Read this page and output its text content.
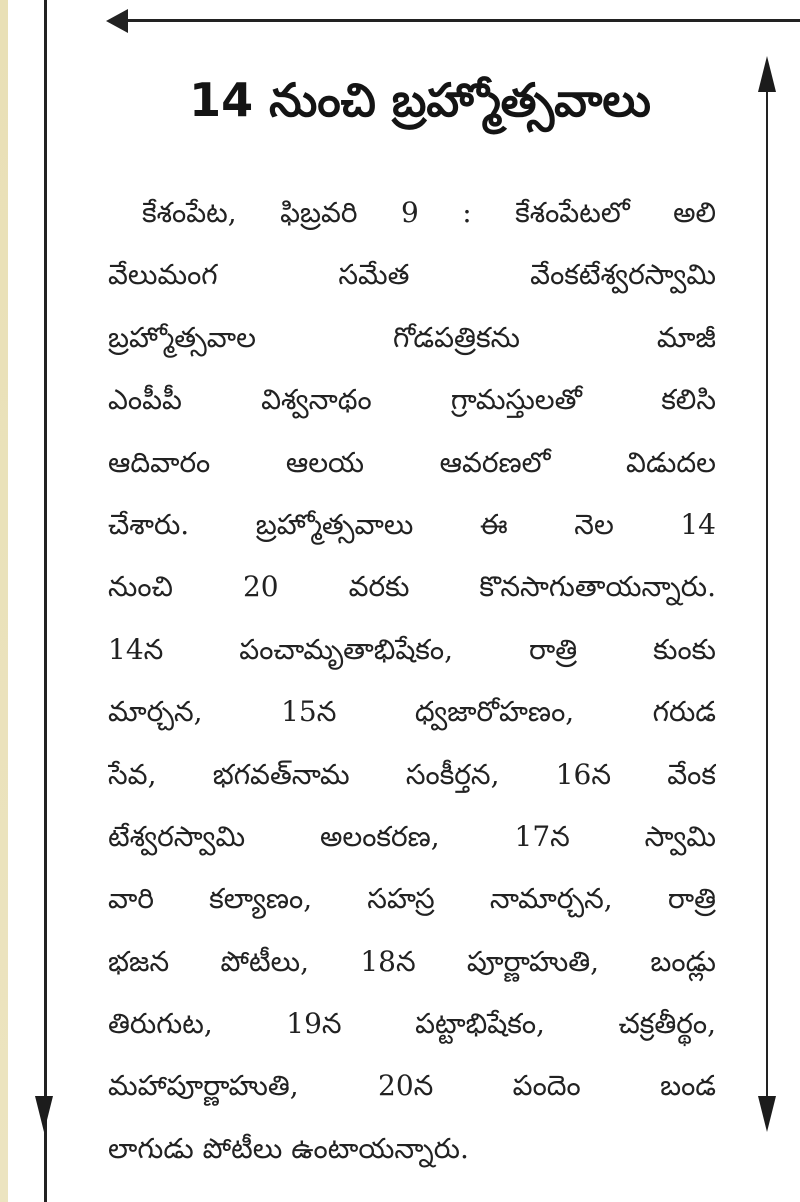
14 నుంచి బ్రహ్మోత్సవాలు
కేశంపేట, ఫిబ్రవరి 9 : కేశంపేటలో అలి
వేలుమంగ సమేత వేంకటేశ్వరస్వామి
బ్రహ్మోత్సవాల గోడపత్రికను మాజీ
ఎంపీపీ విశ్వనాథం గ్రామస్తులతో కలిసి
ఆదివారం ఆలయ ఆవరణలో విడుదల
చేశారు. బ్రహ్మోత్సవాలు ఈ నెల 14
నుంచి 20 వరకు కొనసాగుతాయన్నారు.
14న పంచామృతాభిషేకం, రాత్రి కుంకు
మార్చన, 15న ధ్వజారోహణం, గరుడ
సేవ, భగవత్‌నామ సంకీర్తన, 16న వేంక
టేశ్వరస్వామి అలంకరణ, 17న స్వామి
వారి కల్యాణం, సహస్ర నామార్చన, రాత్రి
భజన పోటీలు, 18న పూర్ణాహుతి, బండ్లు
తిరుగుట, 19న పట్టాభిషేకం, చక్రతీర్థం,
మహాపూర్ణాహుతి, 20న పందెం బండ
లాగుడు పోటీలు ఉంటాయన్నారు.
